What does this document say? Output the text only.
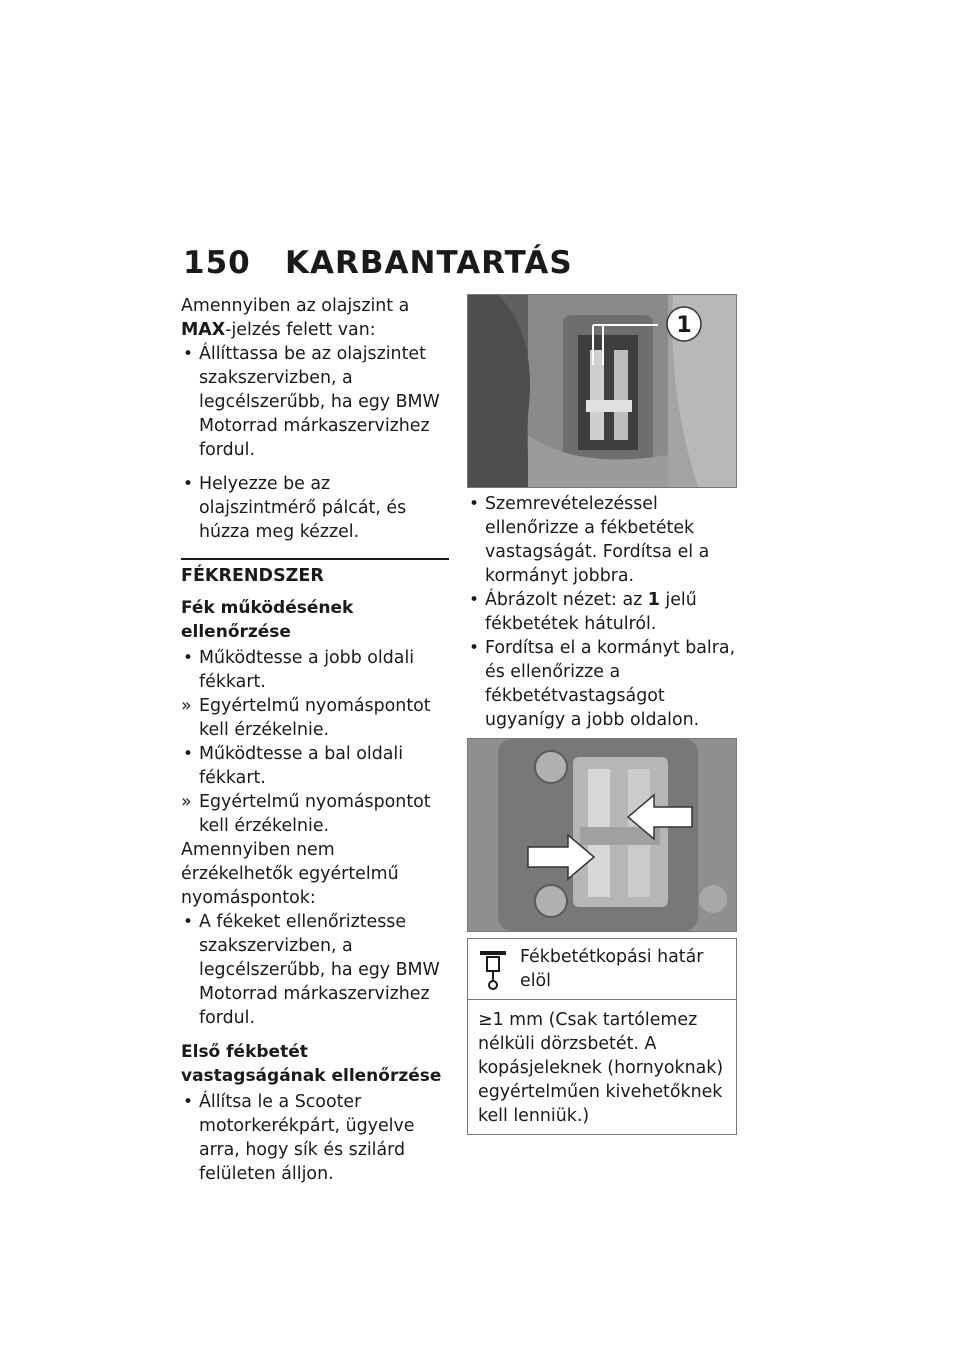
150 KARBANTARTÁS

Amennyiben az olajszint a MAX-jelzés felett van:

• Állíttassa be az olajszintet szakszervizben, a legcélszerűbb, ha egy BMW Motorrad márkaszervizhez fordul.

• Helyezze be az olajszintmérő pálcát, és húzza meg kézzel.

FÉKRENDSZER

Fék működésének ellenőrzése

• Működtesse a jobb oldali fékkart.

» Egyértelmű nyomáspontot kell érzékelnie.

• Működtesse a bal oldali fékkart.

» Egyértelmű nyomáspontot kell érzékelnie.

Amennyiben nem érzékelhetők egyértelmű nyomáspontok:

• A fékeket ellenőriztesse szakszervizben, a legcélszerűbb, ha egy BMW Motorrad márkaszervizhez fordul.

Első fékbetét vastagságának ellenőrzése

• Állítsa le a Scooter motorkerékpárt, ügyelve arra, hogy sík és szilárd felületen álljon.

1

• Szemrevételezéssel ellenőrizze a fékbetétek vastagságát. Fordítsa el a kormányt jobbra.

• Ábrázolt nézet: az 1 jelű fékbetétek hátulról.

• Fordítsa el a kormányt balra, és ellenőrizze a fékbetétvastagságot ugyanígy a jobb oldalon.

Fékbetétkopási határ elöl
≥1 mm (Csak tartólemez nélküli dörzsbetét. A kopásjeleknek (hornyoknak) egyértelműen kivehetőknek kell lenniük.)
